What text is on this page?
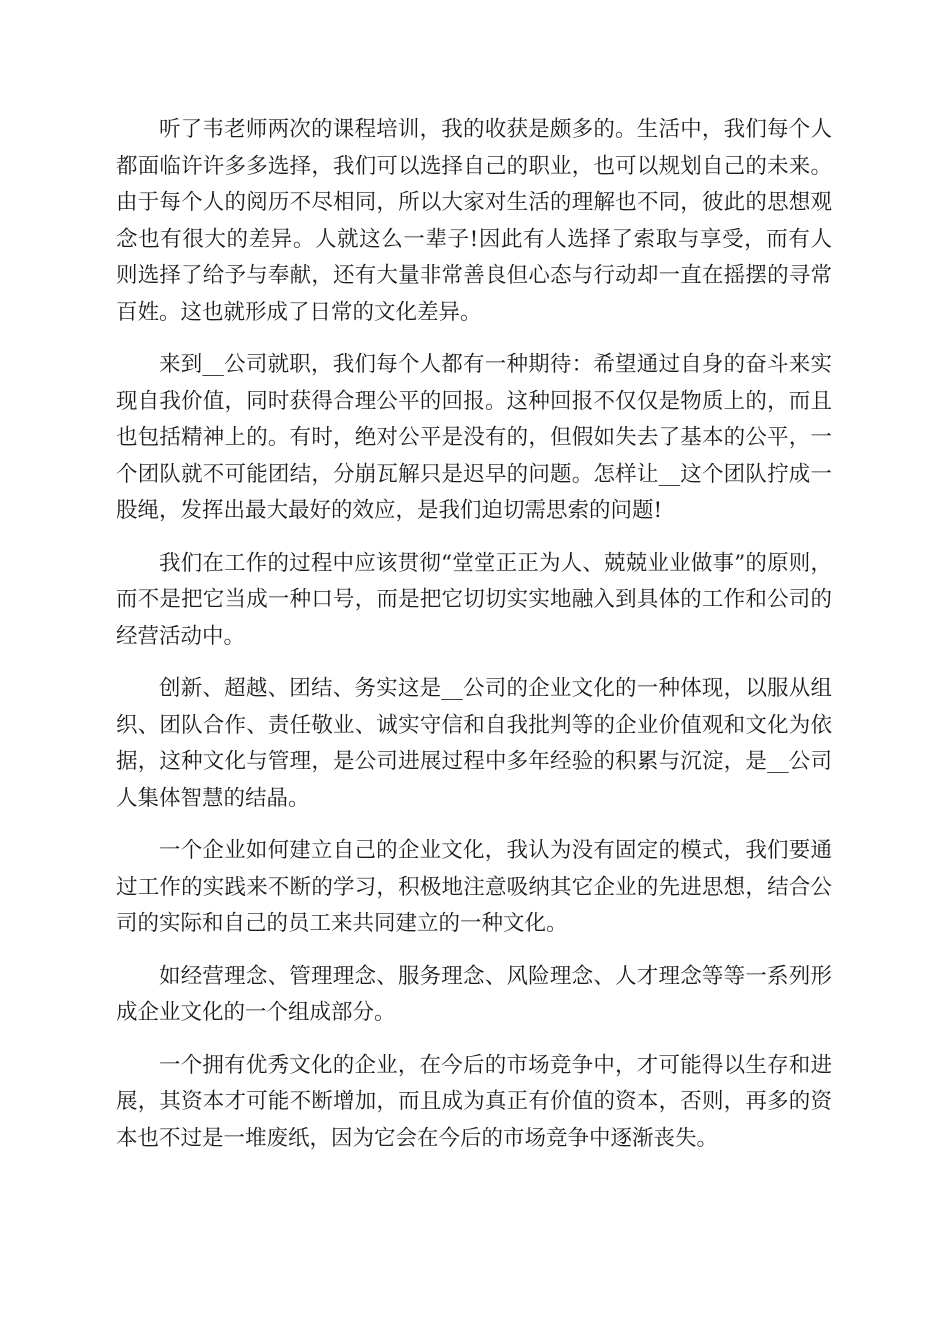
听了韦老师两次的课程培训，我的收获是颇多的。生活中，我们每个人都面临许许多多选择，我们可以选择自己的职业，也可以规划自己的未来。由于每个人的阅历不尽相同，所以大家对生活的理解也不同，彼此的思想观念也有很大的差异。人就这么一辈子!因此有人选择了索取与享受，而有人则选择了给予与奉献，还有大量非常善良但心态与行动却一直在摇摆的寻常百姓。这也就形成了日常的文化差异。

来到__公司就职，我们每个人都有一种期待：希望通过自身的奋斗来实现自我价值，同时获得合理公平的回报。这种回报不仅仅是物质上的，而且也包括精神上的。有时，绝对公平是没有的，但假如失去了基本的公平，一个团队就不可能团结，分崩瓦解只是迟早的问题。怎样让__这个团队拧成一股绳，发挥出最大最好的效应，是我们迫切需思索的问题!

我们在工作的过程中应该贯彻“堂堂正正为人、兢兢业业做事”的原则，而不是把它当成一种口号，而是把它切切实实地融入到具体的工作和公司的经营活动中。

创新、超越、团结、务实这是__公司的企业文化的一种体现，以服从组织、团队合作、责任敬业、诚实守信和自我批判等的企业价值观和文化为依据，这种文化与管理，是公司进展过程中多年经验的积累与沉淀，是__公司人集体智慧的结晶。

一个企业如何建立自己的企业文化，我认为没有固定的模式，我们要通过工作的实践来不断的学习，积极地注意吸纳其它企业的先进思想，结合公司的实际和自己的员工来共同建立的一种文化。

如经营理念、管理理念、服务理念、风险理念、人才理念等等一系列形成企业文化的一个组成部分。

一个拥有优秀文化的企业，在今后的市场竞争中，才可能得以生存和进展，其资本才可能不断增加，而且成为真正有价值的资本，否则，再多的资本也不过是一堆废纸，因为它会在今后的市场竞争中逐渐丧失。
